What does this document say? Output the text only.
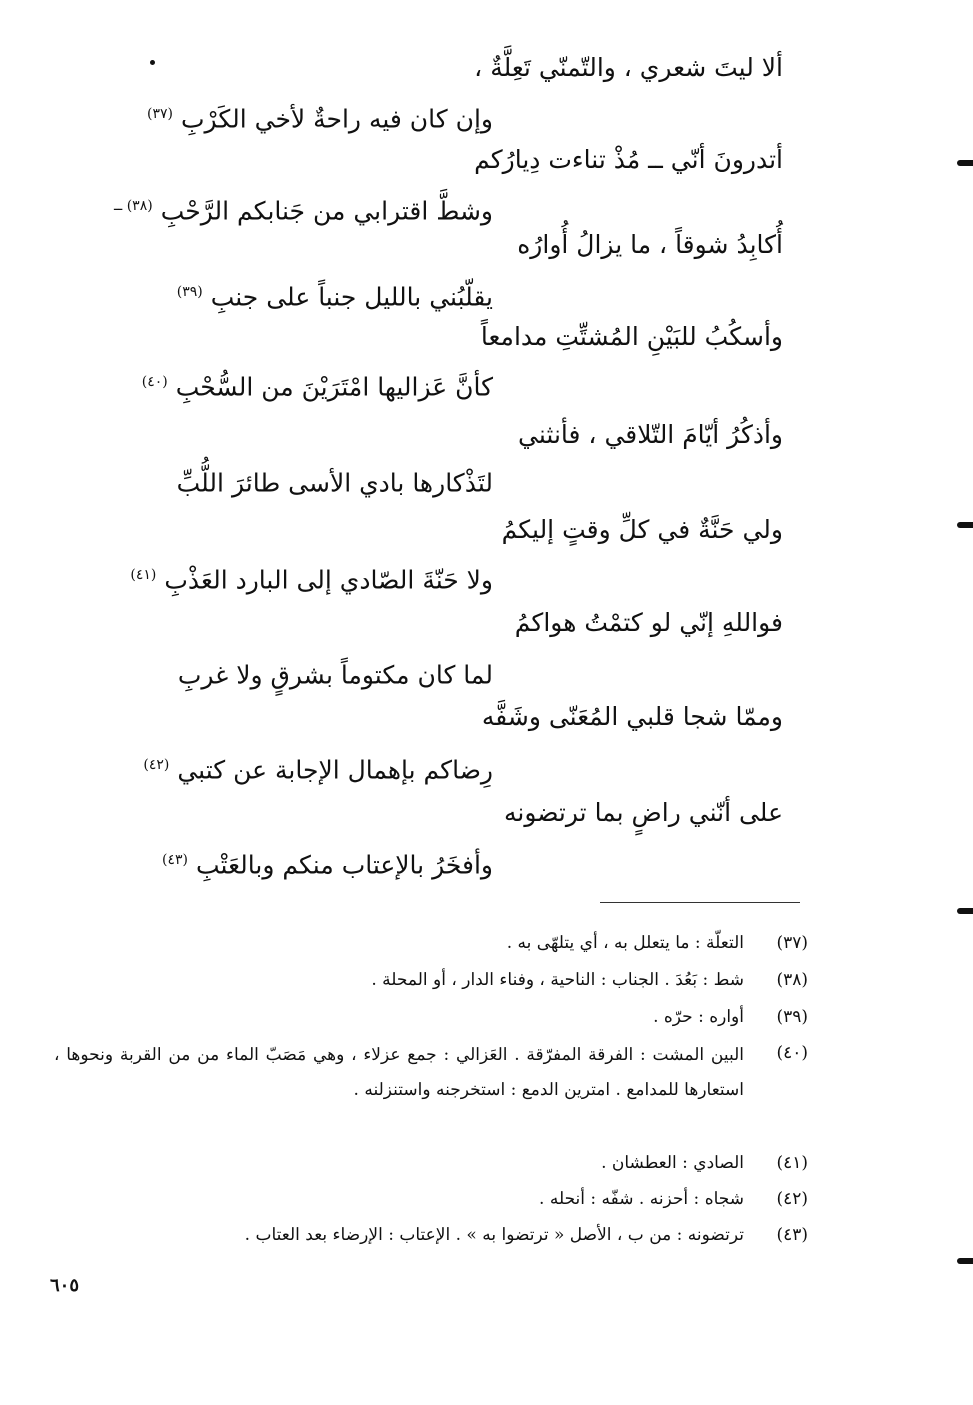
ألا ليتَ شعري ، والتّمنّي تَعِلَّةٌ ،
وإن كان فيه راحةٌ لأخي الكَرْبِ$^{(٣٧)}$
أتدرونَ أنّي ــ مُذْ تناءت دِيارُكم
وشطَّ اقترابي من جَنابكم الرَّحْبِ$^{(٣٨) ــ}$
أُكابِدُ شوقاً ، ما يزالُ أُوارُه
يقلّبُني بالليل جنباً على جنبِ$^{(٣٩)}$
وأسكُبُ للبَيْنِ المُشتِّتِ مدامعاً
كأنَّ عَزاليها امْتَرَيْنَ من السُّحْبِ$^{(٤٠)}$
وأذكُرُ أيّامَ التّلاقي ، فأنثني
لتَذْكارها بادي الأسى طائرَ اللُّبِّ
ولي حَنَّةٌ في كلِّ وقتٍ إليكمُ
ولا حَنّةَ الصّادي إلى البارد العَذْبِ$^{(٤١)}$
فواللهِ إنّي لو كتمْتُ هواكمُ
لما كان مكتوماً بشرقٍ ولا غربِ
وممّا شجا قلبي المُعَنّى وشَفَّه
رِضاكم بإهمال الإجابة عن كتبي$^{(٤٢)}$
على أنّني راضٍ بما ترتضونه
وأفخَرُ بالإعتاب منكم وبالعَتْبِ$^{(٤٣)}$
(٣٧)
التعلّة : ما يتعلل به ، أي يتلهّى به .
(٣٨)
شط : بَعُدَ . الجناب : الناحية ، وفناء الدار ، أو المحلة .
(٣٩)
أواره : حرّه .
(٤٠)
البين المشت : الفرقة المفرّقة . العَزالي : جمع عزلاء ، وهي مَصَبّ الماء من من القربة ونحوها ، استعارها للمدامع . امترين الدمع : استخرجنه واستنزلنه .
(٤١)
الصادي : العطشان .
(٤٢)
شجاه : أحزنه . شفّه : أنحله .
(٤٣)
ترتضونه : من ب ، الأصل « ترتضوا به » . الإعتاب : الإرضاء بعد العتاب .
٦٠٥
